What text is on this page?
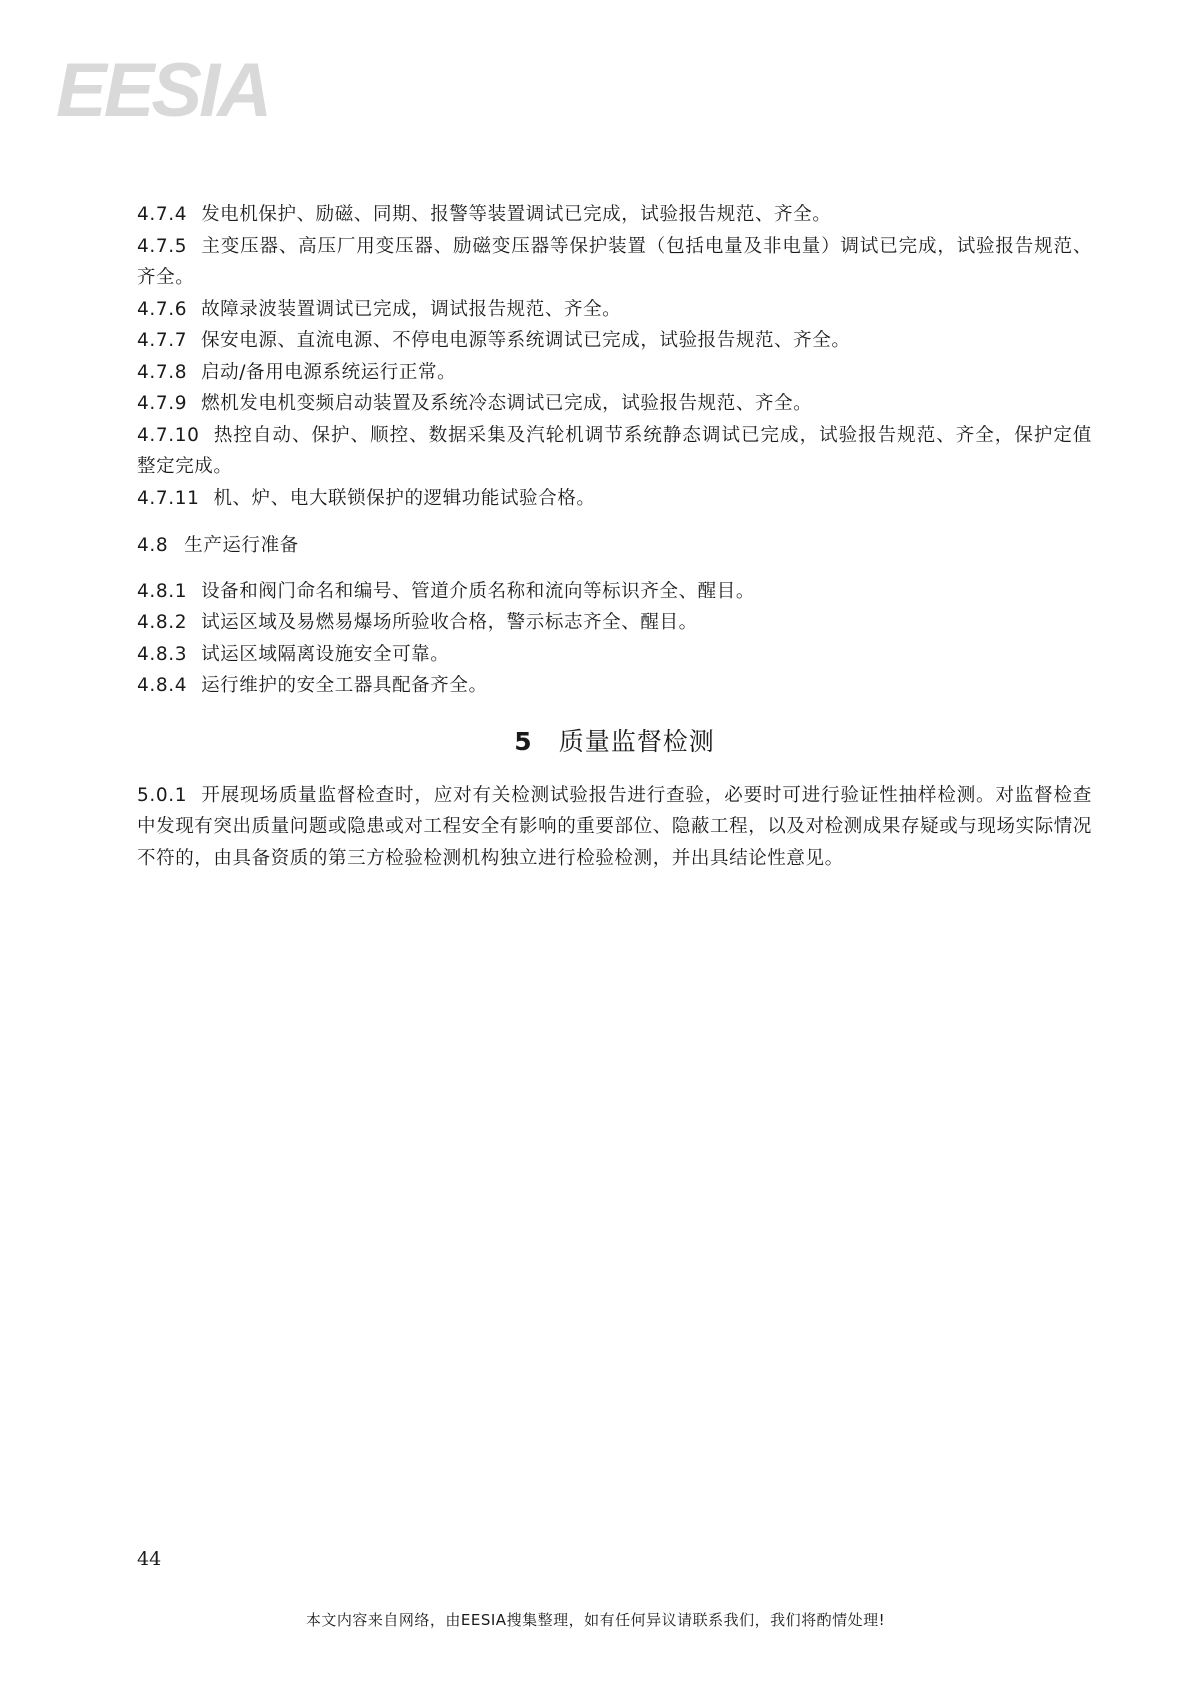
EESIA
4.7.4 发电机保护、励磁、同期、报警等装置调试已完成，试验报告规范、齐全。
4.7.5 主变压器、高压厂用变压器、励磁变压器等保护装置（包括电量及非电量）调试已完成，试验报告规范、齐全。
4.7.6 故障录波装置调试已完成，调试报告规范、齐全。
4.7.7 保安电源、直流电源、不停电电源等系统调试已完成，试验报告规范、齐全。
4.7.8 启动/备用电源系统运行正常。
4.7.9 燃机发电机变频启动装置及系统冷态调试已完成，试验报告规范、齐全。
4.7.10 热控自动、保护、顺控、数据采集及汽轮机调节系统静态调试已完成，试验报告规范、齐全，保护定值整定完成。
4.7.11 机、炉、电大联锁保护的逻辑功能试验合格。
4.8 生产运行准备
4.8.1 设备和阀门命名和编号、管道介质名称和流向等标识齐全、醒目。
4.8.2 试运区域及易燃易爆场所验收合格，警示标志齐全、醒目。
4.8.3 试运区域隔离设施安全可靠。
4.8.4 运行维护的安全工器具配备齐全。
5 质量监督检测
5.0.1 开展现场质量监督检查时，应对有关检测试验报告进行查验，必要时可进行验证性抽样检测。对监督检查中发现有突出质量问题或隐患或对工程安全有影响的重要部位、隐蔽工程，以及对检测成果存疑或与现场实际情况不符的，由具备资质的第三方检验检测机构独立进行检验检测，并出具结论性意见。
44
本文内容来自网络，由EESIA搜集整理，如有任何异议请联系我们，我们将酌情处理!
